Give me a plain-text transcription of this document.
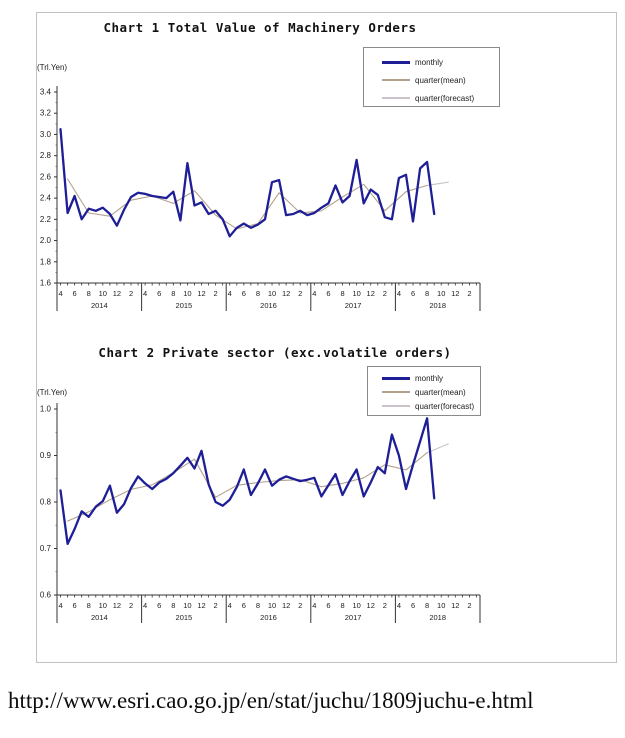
Chart 1 Total Value of Machinery Orders
(Trl.Yen)
3.4
3.2
3.0
2.8
2.6
2.4
2.2
2.0
1.8
1.6
4 6 8 10 12 2
2014
4 6 8 10 12 2
2015
4 6 8 10 12 2
2016
4 6 8 10 12 2
2017
4 6 8 10 12 2
2018
monthly
quarter(mean)
quarter(forecast)
Chart 2 Private sector (exc.volatile orders)
(Trl.Yen)
1.0
0.9
0.8
0.7
0.6
4 6 8 10 12 2
2014
4 6 8 10 12 2
2015
4 6 8 10 12 2
2016
4 6 8 10 12 2
2017
4 6 8 10 12 2
2018
monthly
quarter(mean)
quarter(forecast)
http://www.esri.cao.go.jp/en/stat/juchu/1809juchu-e.html
